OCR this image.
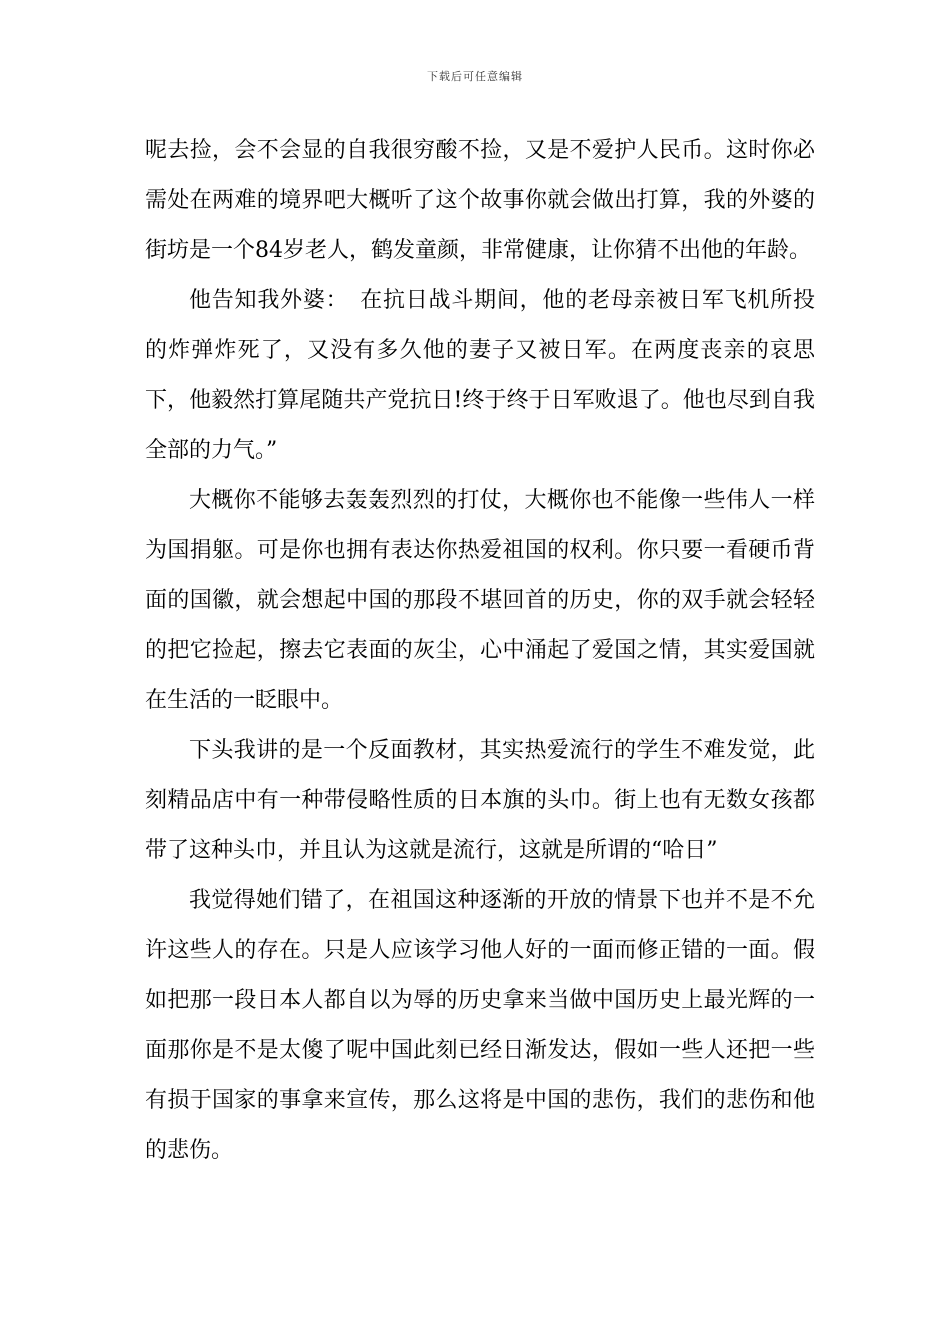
下载后可任意编辑

呢去捡，会不会显的自我很穷酸不捡，又是不爱护人民币。这时你必需处在两难的境界吧大概听了这个故事你就会做出打算，我的外婆的街坊是一个84岁老人，鹤发童颜，非常健康，让你猜不出他的年龄。

他告知我外婆：　在抗日战斗期间，他的老母亲被日军飞机所投的炸弹炸死了，又没有多久他的妻子又被日军。在两度丧亲的哀思下，他毅然打算尾随共产党抗日!终于终于日军败退了。他也尽到自我全部的力气。”

大概你不能够去轰轰烈烈的打仗，大概你也不能像一些伟人一样为国捐躯。可是你也拥有表达你热爱祖国的权利。你只要一看硬币背面的国徽，就会想起中国的那段不堪回首的历史，你的双手就会轻轻的把它捡起，擦去它表面的灰尘，心中涌起了爱国之情，其实爱国就在生活的一眨眼中。

下头我讲的是一个反面教材，其实热爱流行的学生不难发觉，此刻精品店中有一种带侵略性质的日本旗的头巾。街上也有无数女孩都带了这种头巾，并且认为这就是流行，这就是所谓的“哈日”

我觉得她们错了，在祖国这种逐渐的开放的情景下也并不是不允许这些人的存在。只是人应该学习他人好的一面而修正错的一面。假如把那一段日本人都自以为辱的历史拿来当做中国历史上最光辉的一面那你是不是太傻了呢中国此刻已经日渐发达，假如一些人还把一些有损于国家的事拿来宣传，那么这将是中国的悲伤，我们的悲伤和他的悲伤。
